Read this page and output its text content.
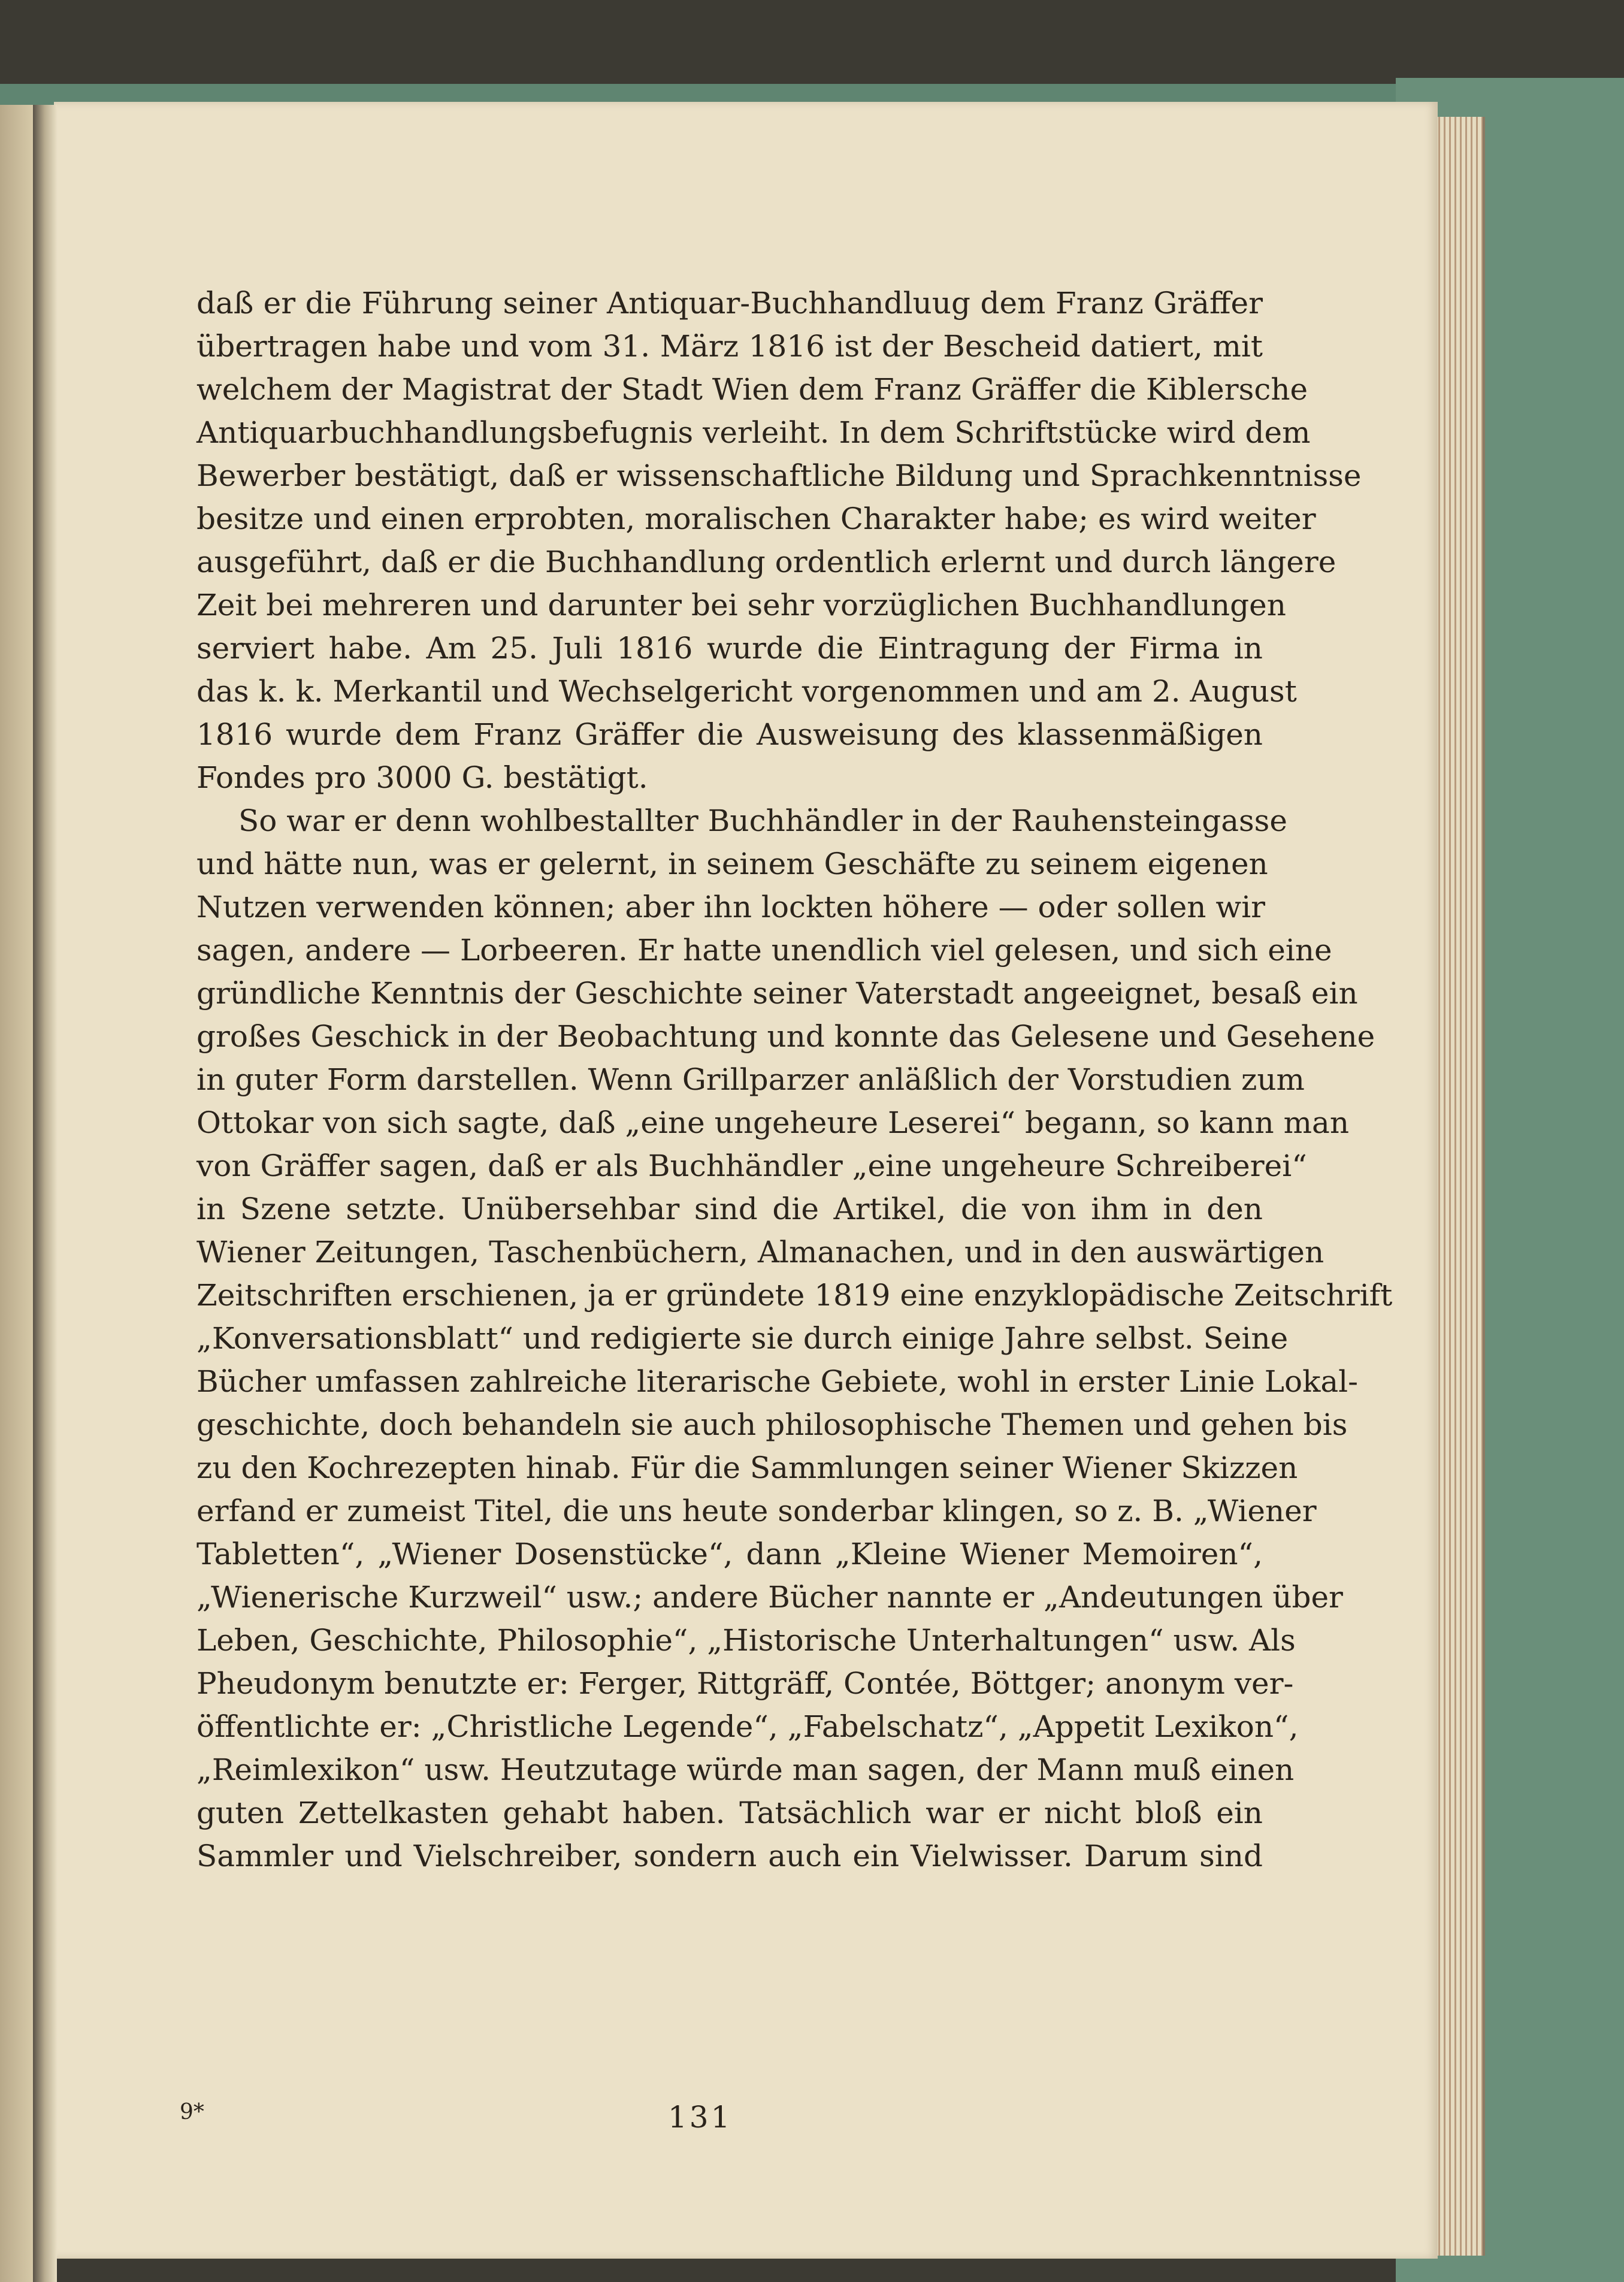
daß er die Führung seiner Antiquar-Buchhandluug dem Franz Gräffer
übertragen habe und vom 31. März 1816 ist der Bescheid datiert, mit
welchem der Magistrat der Stadt Wien dem Franz Gräffer die Kiblersche
Antiquarbuchhandlungsbefugnis verleiht. In dem Schriftstücke wird dem
Bewerber bestätigt, daß er wissenschaftliche Bildung und Sprachkenntnisse
besitze und einen erprobten, moralischen Charakter habe; es wird weiter
ausgeführt, daß er die Buchhandlung ordentlich erlernt und durch längere
Zeit bei mehreren und darunter bei sehr vorzüglichen Buchhandlungen
serviert habe. Am 25. Juli 1816 wurde die Eintragung der Firma in
das k. k. Merkantil und Wechselgericht vorgenommen und am 2. August
1816 wurde dem Franz Gräffer die Ausweisung des klassenmäßigen
Fondes pro 3000 G. bestätigt.
So war er denn wohlbestallter Buchhändler in der Rauhensteingasse
und hätte nun, was er gelernt, in seinem Geschäfte zu seinem eigenen
Nutzen verwenden können; aber ihn lockten höhere — oder sollen wir
sagen, andere — Lorbeeren. Er hatte unendlich viel gelesen, und sich eine
gründliche Kenntnis der Geschichte seiner Vaterstadt angeeignet, besaß ein
großes Geschick in der Beobachtung und konnte das Gelesene und Gesehene
in guter Form darstellen. Wenn Grillparzer anläßlich der Vorstudien zum
Ottokar von sich sagte, daß „eine ungeheure Leserei“ begann, so kann man
von Gräffer sagen, daß er als Buchhändler „eine ungeheure Schreiberei“
in Szene setzte. Unübersehbar sind die Artikel, die von ihm in den
Wiener Zeitungen, Taschenbüchern, Almanachen, und in den auswärtigen
Zeitschriften erschienen, ja er gründete 1819 eine enzyklopädische Zeitschrift
„Konversationsblatt“ und redigierte sie durch einige Jahre selbst. Seine
Bücher umfassen zahlreiche literarische Gebiete, wohl in erster Linie Lokal-
geschichte, doch behandeln sie auch philosophische Themen und gehen bis
zu den Kochrezepten hinab. Für die Sammlungen seiner Wiener Skizzen
erfand er zumeist Titel, die uns heute sonderbar klingen, so z. B. „Wiener
Tabletten“, „Wiener Dosenstücke“, dann „Kleine Wiener Memoiren“,
„Wienerische Kurzweil“ usw.; andere Bücher nannte er „Andeutungen über
Leben, Geschichte, Philosophie“, „Historische Unterhaltungen“ usw. Als
Pheudonym benutzte er: Ferger, Rittgräff, Contée, Böttger; anonym ver-
öffentlichte er: „Christliche Legende“, „Fabelschatz“, „Appetit Lexikon“,
„Reimlexikon“ usw. Heutzutage würde man sagen, der Mann muß einen
guten Zettelkasten gehabt haben. Tatsächlich war er nicht bloß ein
Sammler und Vielschreiber, sondern auch ein Vielwisser. Darum sind
9*	131
